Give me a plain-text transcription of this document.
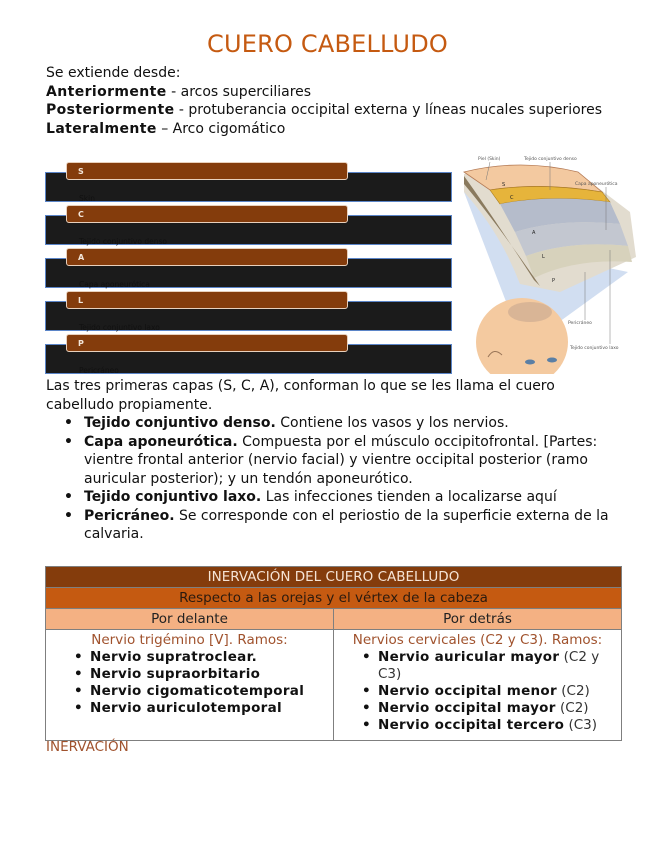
CUERO CABELLUDO
Se extiende desde:
Anteriormente - arcos superciliares
Posteriormente - protuberancia occipital externa y líneas nucales superiores
Lateralmente – Arco cigomático
S
Skin
C
Tejido conjuntivo denso
A
Capa aponeurótica
L
Tejido conjuntivo laxo
P
Pericráneo
S
C
A
L
P
Piel (Skin)	Tejido conjuntivo denso
Capa aponeurótica
Pericráneo
Tejido conjuntivo laxo
Las tres primeras capas (S, C, A), conforman lo que se les llama el cuero cabelludo propiamente.
• Tejido conjuntivo denso. Contiene los vasos y los nervios.
• Capa aponeurótica. Compuesta por el músculo occipitofrontal. [Partes: vientre frontal anterior (nervio facial) y vientre occipital posterior (ramo auricular posterior); y un tendón aponeurótico.
• Tejido conjuntivo laxo. Las infecciones tienden a localizarse aquí
• Pericráneo. Se corresponde con el periostio de la superficie externa de la calvaria.
INERVACIÓN DEL CUERO CABELLUDO	
Respecto a las orejas y el vértex de la cabeza	
Por delante	Por detrás

Nervio trigémino [V]. Ramos:
• Nervio supratroclear.
• Nervio supraorbitario
• Nervio cigomaticotemporal
• Nervio auriculotemporal

Nervios cervicales (C2 y C3). Ramos:
• Nervio auricular mayor (C2 y C3)
• Nervio occipital menor (C2)
• Nervio occipital mayor (C2)
• Nervio occipital tercero (C3)
INERVACIÓN
